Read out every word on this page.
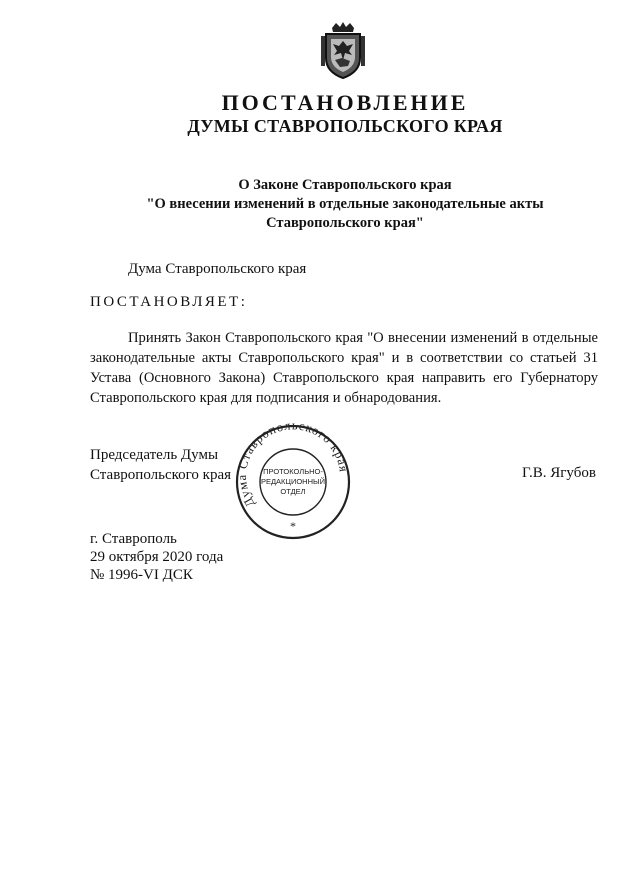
ПОСТАНОВЛЕНИЕ
ДУМЫ СТАВРОПОЛЬСКОГО КРАЯ
О Законе Ставропольского края
"О внесении изменений в отдельные законодательные акты
Ставропольского края"
Дума Ставропольского края
ПОСТАНОВЛЯЕТ:
Принять Закон Ставропольского края "О внесении изменений в отдельные
законодательные акты Ставропольского края" и в соответствии со статьей 31
Устава (Основного Закона) Ставропольского края направить его Губернатору
Ставропольского края для подписания и обнародования.
Председатель Думы
Ставропольского края	Г.В. Ягубов
Дума Ставропольского края
ПРОТОКОЛЬНО-
РЕДАКЦИОННЫЙ
ОТДЕЛ
*
г. Ставрополь
29 октября 2020 года
№ 1996-VI ДСК
